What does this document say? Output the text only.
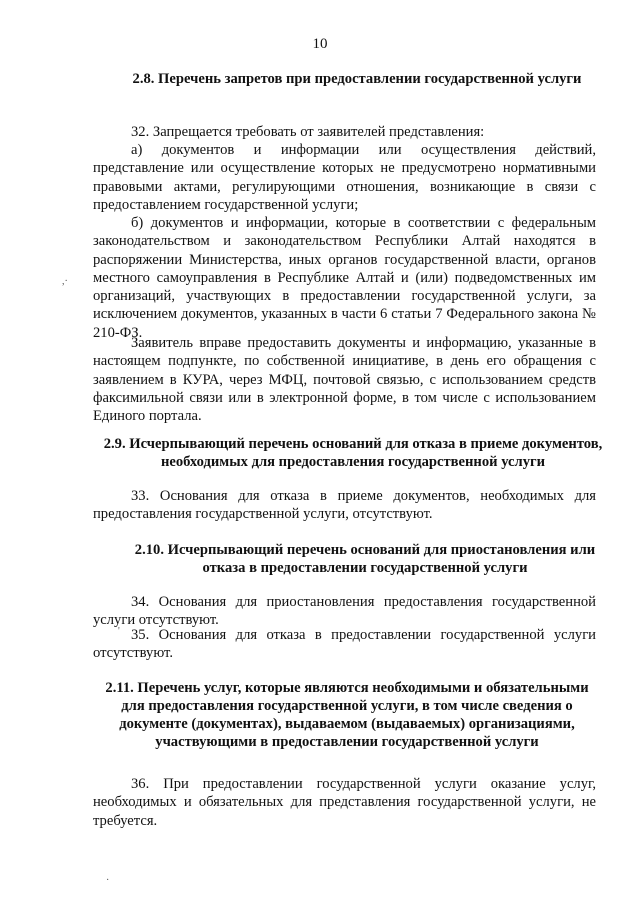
10
2.8. Перечень запретов при предоставлении государственной услуги
32. Запрещается требовать от заявителей представления:
а) документов и информации или осуществления действий, представление или осуществление которых не предусмотрено нормативными правовыми актами, регулирующими отношения, возникающие в связи с предоставлением государственной услуги;
б) документов и информации, которые в соответствии с федеральным законодательством и законодательством Республики Алтай находятся в распоряжении Министерства, иных органов государственной власти, органов местного самоуправления в Республике Алтай и (или) подведомственных им организаций, участвующих в предоставлении государственной услуги, за исключением документов, указанных в части 6 статьи 7 Федерального закона № 210-ФЗ.
Заявитель вправе предоставить документы и информацию, указанные в настоящем подпункте, по собственной инициативе, в день его обращения с заявлением в КУРА, через МФЦ, почтовой связью, с использованием средств факсимильной связи или в электронной форме, в том числе с использованием Единого портала.
2.9. Исчерпывающий перечень оснований для отказа в приеме документов, необходимых для предоставления государственной услуги
33. Основания для отказа в приеме документов, необходимых для предоставления государственной услуги, отсутствуют.
2.10. Исчерпывающий перечень оснований для приостановления или отказа в предоставлении государственной услуги
34. Основания для приостановления предоставления государственной услуги отсутствуют.
35. Основания для отказа в предоставлении государственной услуги отсутствуют.
2.11. Перечень услуг, которые являются необходимыми и обязательными для предоставления государственной услуги, в том числе сведения о документе (документах), выдаваемом (выдаваемых) организациями, участвующими в предоставлении государственной услуги
36. При предоставлении государственной услуги оказание услуг, необходимых и обязательных для представления государственной услуги, не требуется.
,·
'
·
